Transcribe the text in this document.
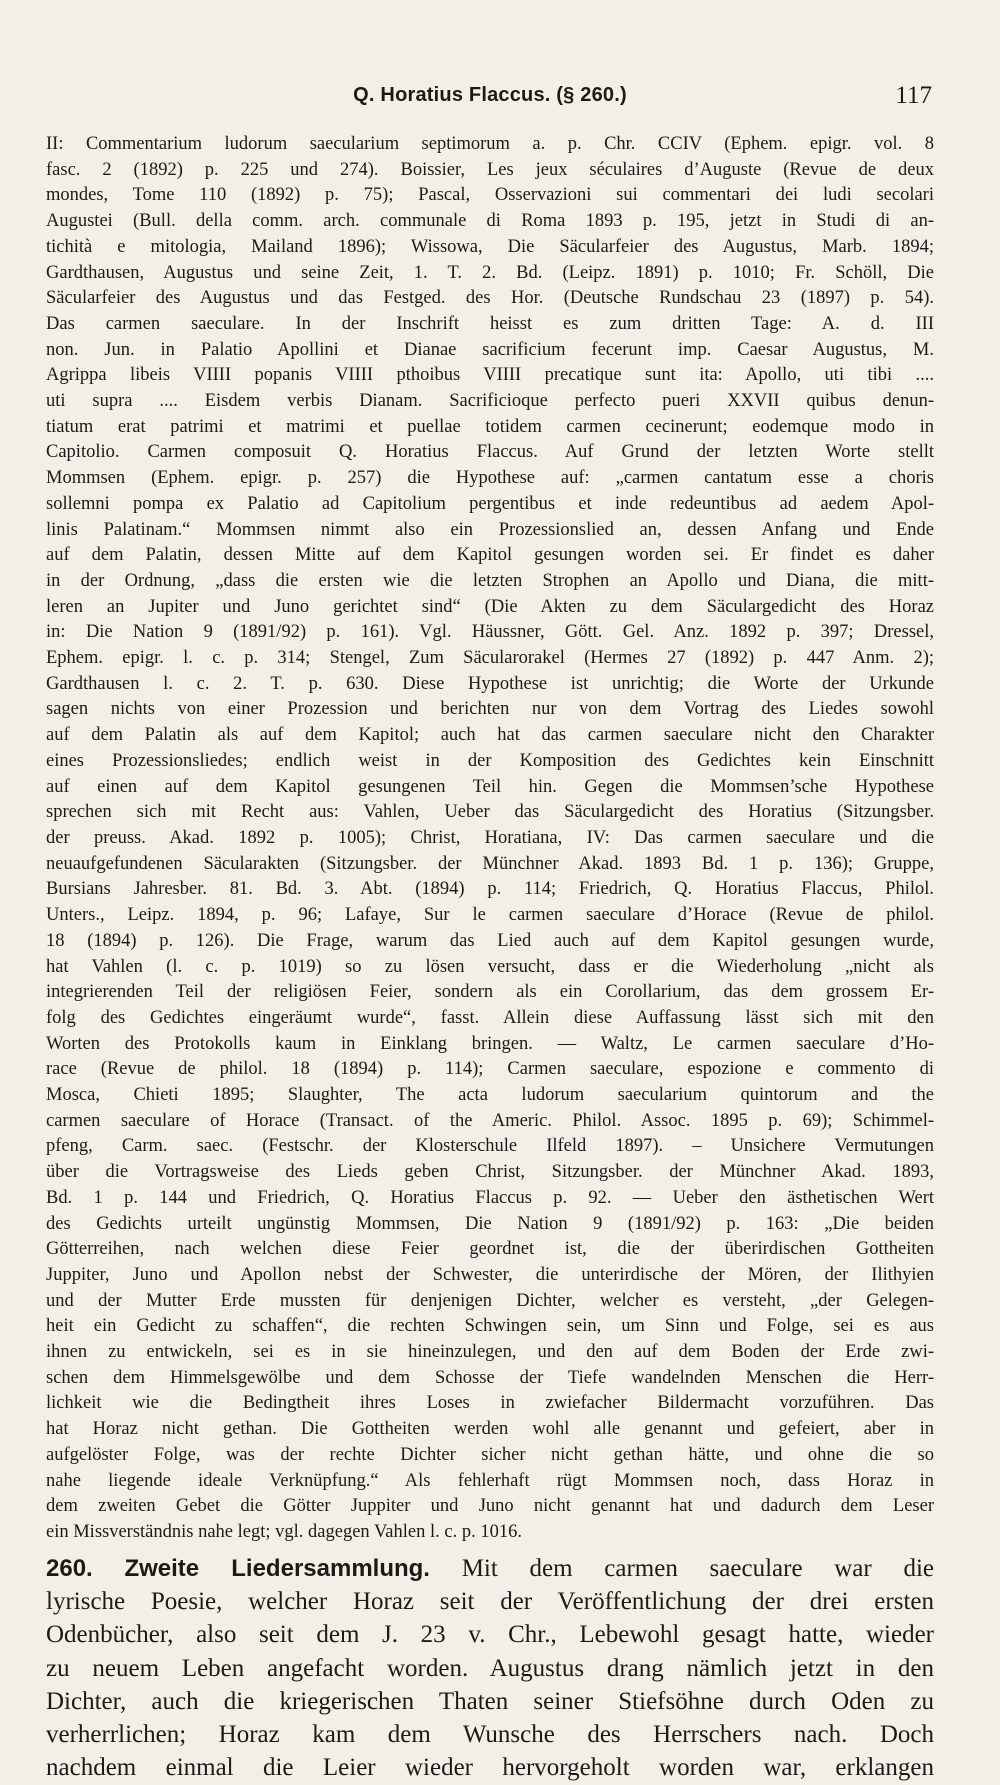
Q. Horatius Flaccus. (§ 260.)	117

II: Commentarium ludorum saecularium septimorum a. p. Chr. CCIV (Ephem. epigr. vol. 8

fasc. 2 (1892) p. 225 und 274). Boissier, Les jeux séculaires d’Auguste (Revue de deux

mondes, Tome 110 (1892) p. 75); Pascal, Osservazioni sui commentari dei ludi secolari

Augustei (Bull. della comm. arch. communale di Roma 1893 p. 195, jetzt in Studi di an-

tichità e mitologia, Mailand 1896); Wissowa, Die Säcularfeier des Augustus, Marb. 1894;

Gardthausen, Augustus und seine Zeit, 1. T. 2. Bd. (Leipz. 1891) p. 1010; Fr. Schöll, Die

Säcularfeier des Augustus und das Festged. des Hor. (Deutsche Rundschau 23 (1897) p. 54).

Das carmen saeculare. In der Inschrift heisst es zum dritten Tage: A. d. III

non. Jun. in Palatio Apollini et Dianae sacrificium fecerunt imp. Caesar Augustus, M.

Agrippa libeis VIIII popanis VIIII pthoibus VIIII precatique sunt ita: Apollo, uti tibi ....

uti supra .... Eisdem verbis Dianam. Sacrificioque perfecto pueri XXVII quibus denun-

tiatum erat patrimi et matrimi et puellae totidem carmen cecinerunt; eodemque modo in

Capitolio. Carmen composuit Q. Horatius Flaccus. Auf Grund der letzten Worte stellt

Mommsen (Ephem. epigr. p. 257) die Hypothese auf: „carmen cantatum esse a choris

sollemni pompa ex Palatio ad Capitolium pergentibus et inde redeuntibus ad aedem Apol-

linis Palatinam.“ Mommsen nimmt also ein Prozessionslied an, dessen Anfang und Ende

auf dem Palatin, dessen Mitte auf dem Kapitol gesungen worden sei. Er findet es daher

in der Ordnung, „dass die ersten wie die letzten Strophen an Apollo und Diana, die mitt-

leren an Jupiter und Juno gerichtet sind“ (Die Akten zu dem Säculargedicht des Horaz

in: Die Nation 9 (1891/92) p. 161). Vgl. Häussner, Gött. Gel. Anz. 1892 p. 397; Dressel,

Ephem. epigr. l. c. p. 314; Stengel, Zum Säcularorakel (Hermes 27 (1892) p. 447 Anm. 2);

Gardthausen l. c. 2. T. p. 630. Diese Hypothese ist unrichtig; die Worte der Urkunde

sagen nichts von einer Prozession und berichten nur von dem Vortrag des Liedes sowohl

auf dem Palatin als auf dem Kapitol; auch hat das carmen saeculare nicht den Charakter

eines Prozessionsliedes; endlich weist in der Komposition des Gedichtes kein Einschnitt

auf einen auf dem Kapitol gesungenen Teil hin. Gegen die Mommsen’sche Hypothese

sprechen sich mit Recht aus: Vahlen, Ueber das Säculargedicht des Horatius (Sitzungsber.

der preuss. Akad. 1892 p. 1005); Christ, Horatiana, IV: Das carmen saeculare und die

neuaufgefundenen Säcularakten (Sitzungsber. der Münchner Akad. 1893 Bd. 1 p. 136); Gruppe,

Bursians Jahresber. 81. Bd. 3. Abt. (1894) p. 114; Friedrich, Q. Horatius Flaccus, Philol.

Unters., Leipz. 1894, p. 96; Lafaye, Sur le carmen saeculare d’Horace (Revue de philol.

18 (1894) p. 126). Die Frage, warum das Lied auch auf dem Kapitol gesungen wurde,

hat Vahlen (l. c. p. 1019) so zu lösen versucht, dass er die Wiederholung „nicht als

integrierenden Teil der religiösen Feier, sondern als ein Corollarium, das dem grossem Er-

folg des Gedichtes eingeräumt wurde“, fasst. Allein diese Auffassung lässt sich mit den

Worten des Protokolls kaum in Einklang bringen. — Waltz, Le carmen saeculare d’Ho-

race (Revue de philol. 18 (1894) p. 114); Carmen saeculare, espozione e commento di

Mosca, Chieti 1895; Slaughter, The acta ludorum saecularium quintorum and the

carmen saeculare of Horace (Transact. of the Americ. Philol. Assoc. 1895 p. 69); Schimmel-

pfeng, Carm. saec. (Festschr. der Klosterschule Ilfeld 1897). – Unsichere Vermutungen

über die Vortragsweise des Lieds geben Christ, Sitzungsber. der Münchner Akad. 1893,

Bd. 1 p. 144 und Friedrich, Q. Horatius Flaccus p. 92. — Ueber den ästhetischen Wert

des Gedichts urteilt ungünstig Mommsen, Die Nation 9 (1891/92) p. 163: „Die beiden

Götterreihen, nach welchen diese Feier geordnet ist, die der überirdischen Gottheiten

Juppiter, Juno und Apollon nebst der Schwester, die unterirdische der Mören, der Ilithyien

und der Mutter Erde mussten für denjenigen Dichter, welcher es versteht, „der Gelegen-

heit ein Gedicht zu schaffen“, die rechten Schwingen sein, um Sinn und Folge, sei es aus

ihnen zu entwickeln, sei es in sie hineinzulegen, und den auf dem Boden der Erde zwi-

schen dem Himmelsgewölbe und dem Schosse der Tiefe wandelnden Menschen die Herr-

lichkeit wie die Bedingtheit ihres Loses in zwiefacher Bildermacht vorzuführen. Das

hat Horaz nicht gethan. Die Gottheiten werden wohl alle genannt und gefeiert, aber in

aufgelöster Folge, was der rechte Dichter sicher nicht gethan hätte, und ohne die so

nahe liegende ideale Verknüpfung.“ Als fehlerhaft rügt Mommsen noch, dass Horaz in

dem zweiten Gebet die Götter Juppiter und Juno nicht genannt hat und dadurch dem Leser

ein Missverständnis nahe legt; vgl. dagegen Vahlen l. c. p. 1016.

260. Zweite Liedersammlung. Mit dem carmen saeculare war die

lyrische Poesie, welcher Horaz seit der Veröffentlichung der drei ersten

Odenbücher, also seit dem J. 23 v. Chr., Lebewohl gesagt hatte, wieder

zu neuem Leben angefacht worden. Augustus drang nämlich jetzt in den

Dichter, auch die kriegerischen Thaten seiner Stiefsöhne durch Oden zu

verherrlichen; Horaz kam dem Wunsche des Herrschers nach. Doch

nachdem einmal die Leier wieder hervorgeholt worden war, erklangen
